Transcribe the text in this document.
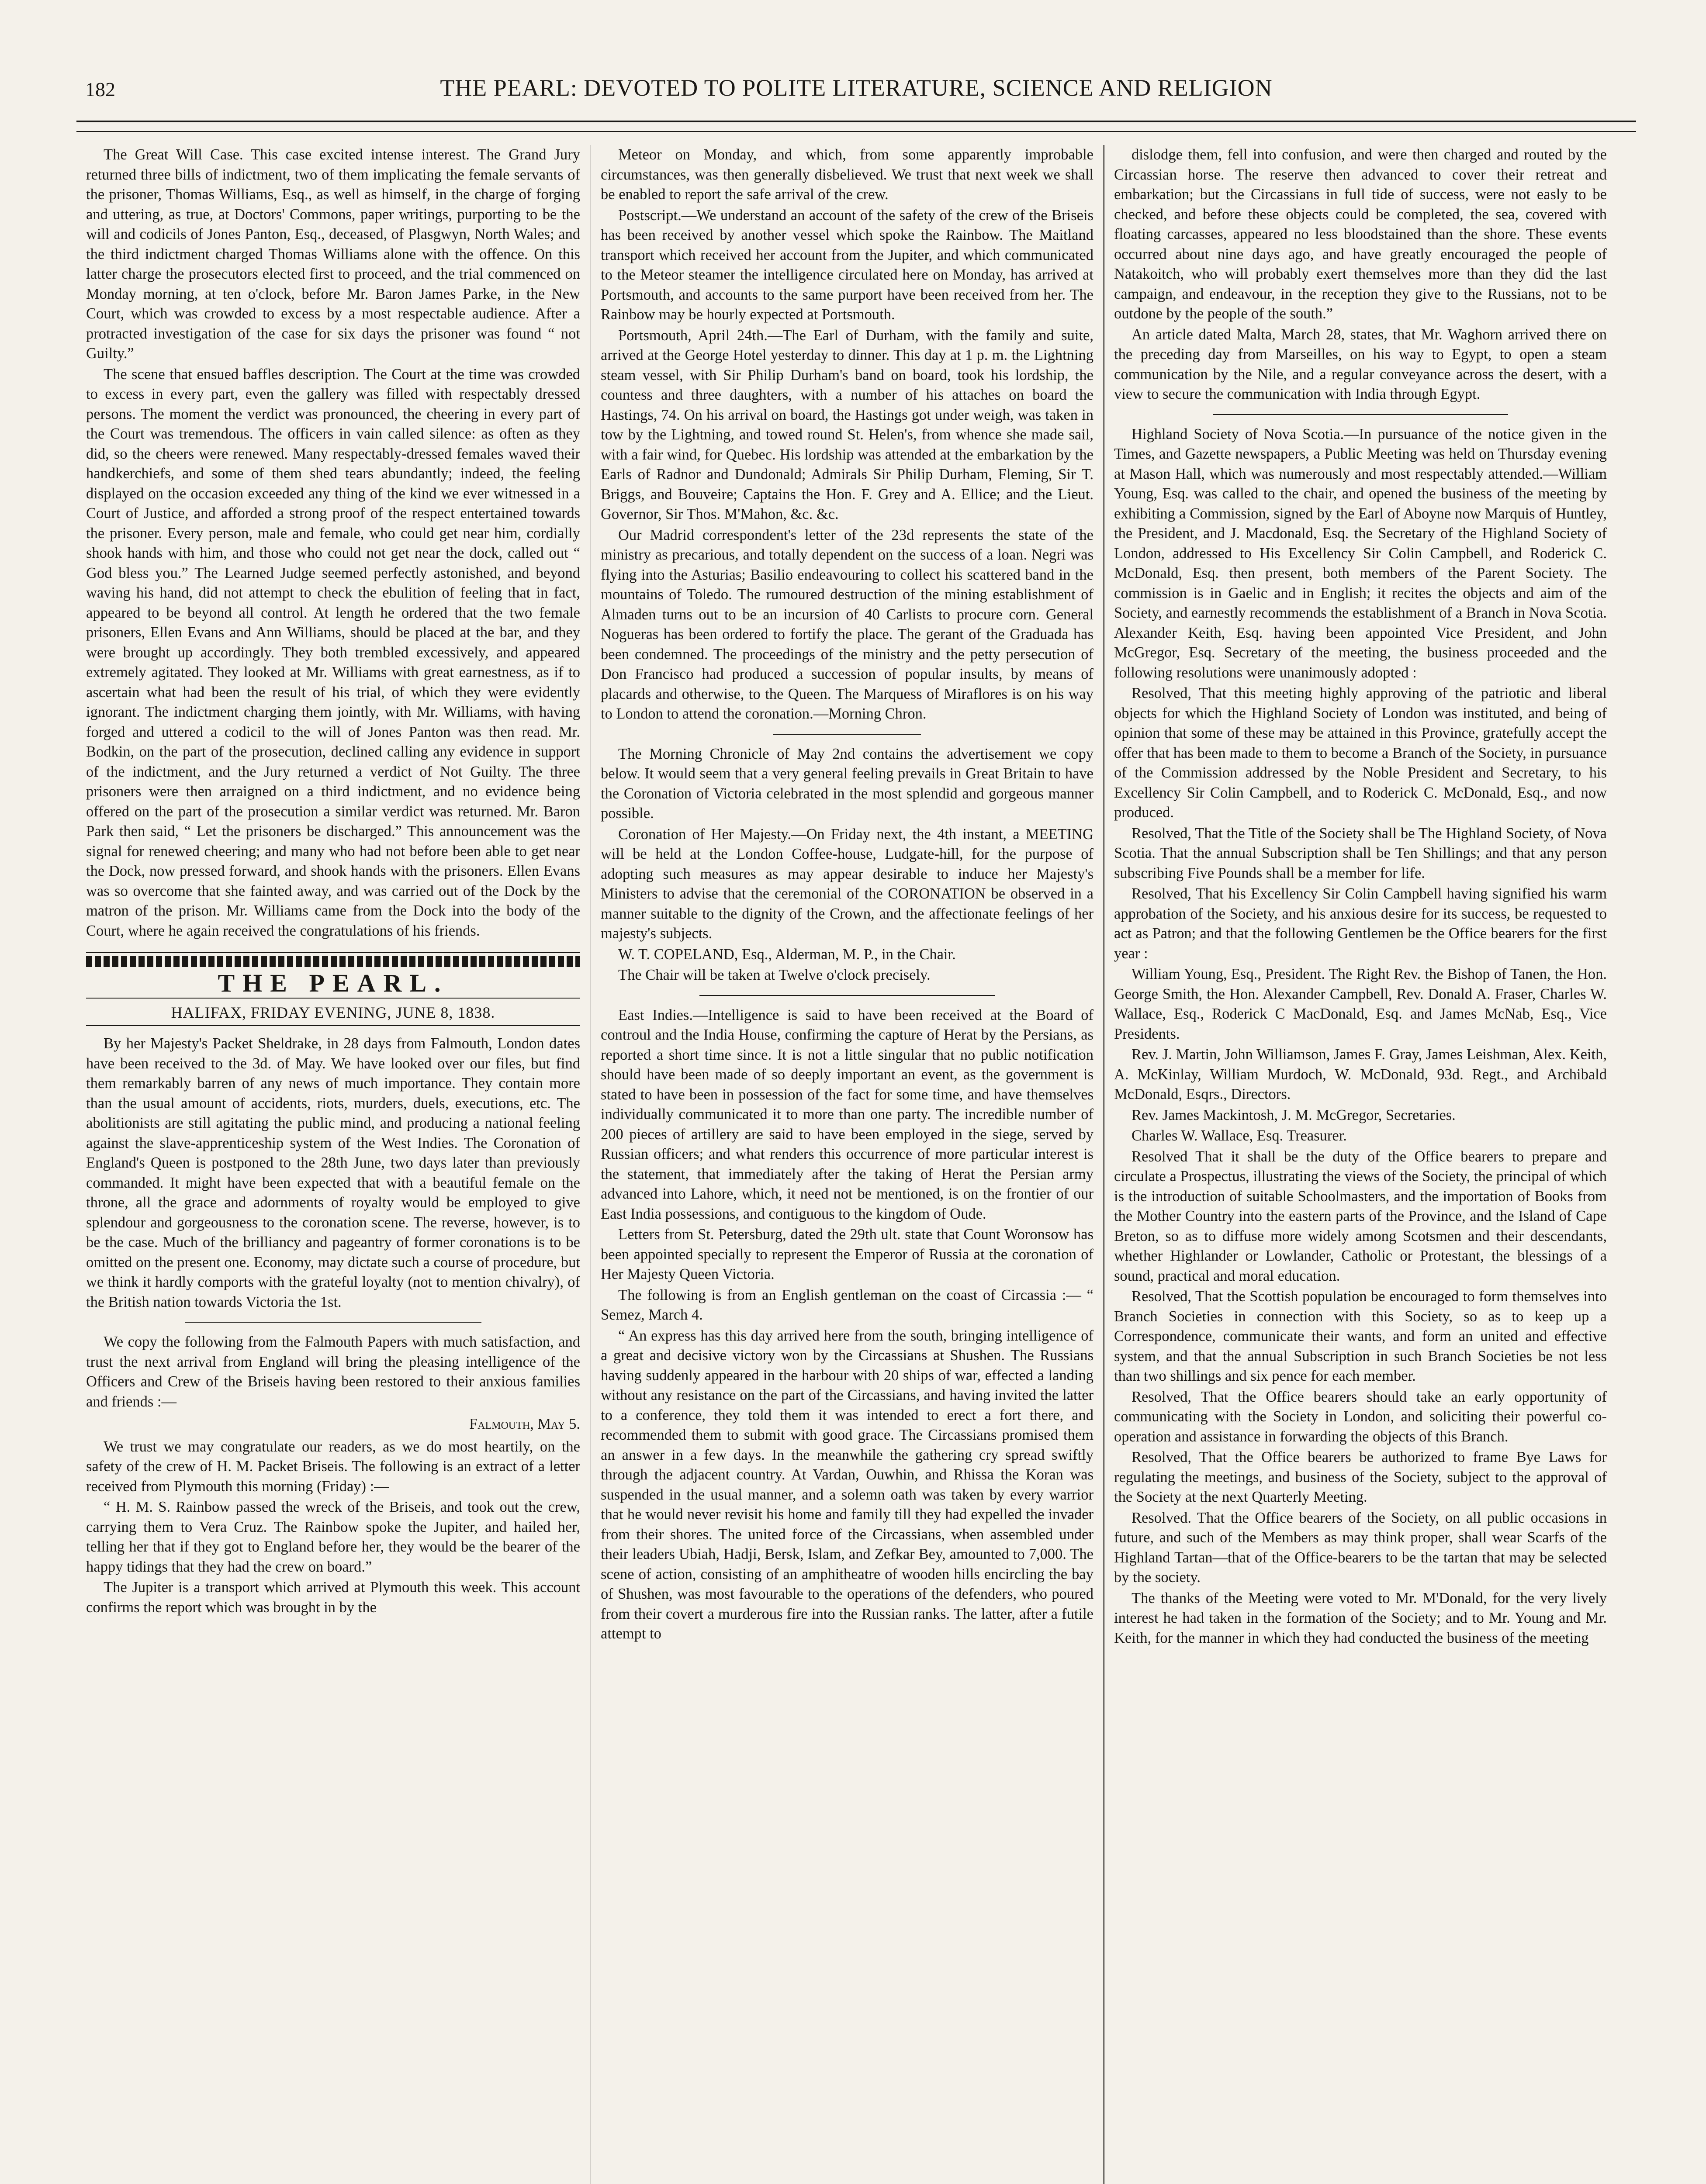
182	THE PEARL: DEVOTED TO POLITE LITERATURE, SCIENCE AND RELIGION

The Great Will Case. This case excited intense interest. The Grand Jury returned three bills of indictment, two of them implicating the female servants of the prisoner, Thomas Williams, Esq., as well as himself, in the charge of forging and uttering, as true, at Doctors' Commons, paper writings, purporting to be the will and codicils of Jones Panton, Esq., deceased, of Plasgwyn, North Wales; and the third indictment charged Thomas Williams alone with the offence. On this latter charge the prosecutors elected first to proceed, and the trial commenced on Monday morning, at ten o'clock, before Mr. Baron James Parke, in the New Court, which was crowded to excess by a most respectable audience. After a protracted investigation of the case for six days the prisoner was found “ not Guilty.”

The scene that ensued baffles description. The Court at the time was crowded to excess in every part, even the gallery was filled with respectably dressed persons. The moment the verdict was pronounced, the cheering in every part of the Court was tremendous. The officers in vain called silence: as often as they did, so the cheers were renewed. Many respectably-dressed females waved their handkerchiefs, and some of them shed tears abundantly; indeed, the feeling displayed on the occasion exceeded any thing of the kind we ever witnessed in a Court of Justice, and afforded a strong proof of the respect entertained towards the prisoner. Every person, male and female, who could get near him, cordially shook hands with him, and those who could not get near the dock, called out “ God bless you.” The Learned Judge seemed perfectly astonished, and beyond waving his hand, did not attempt to check the ebulition of feeling that in fact, appeared to be beyond all control. At length he ordered that the two female prisoners, Ellen Evans and Ann Williams, should be placed at the bar, and they were brought up accordingly. They both trembled excessively, and appeared extremely agitated. They looked at Mr. Williams with great earnestness, as if to ascertain what had been the result of his trial, of which they were evidently ignorant. The indictment charging them jointly, with Mr. Williams, with having forged and uttered a codicil to the will of Jones Panton was then read. Mr. Bodkin, on the part of the prosecution, declined calling any evidence in support of the indictment, and the Jury returned a verdict of Not Guilty. The three prisoners were then arraigned on a third indictment, and no evidence being offered on the part of the prosecution a similar verdict was returned. Mr. Baron Park then said, “ Let the prisoners be discharged.” This announcement was the signal for renewed cheering; and many who had not before been able to get near the Dock, now pressed forward, and shook hands with the prisoners. Ellen Evans was so overcome that she fainted away, and was carried out of the Dock by the matron of the prison. Mr. Williams came from the Dock into the body of the Court, where he again received the congratulations of his friends.

THE PEARL.
HALIFAX, FRIDAY EVENING, JUNE 8, 1838.

By her Majesty's Packet Sheldrake, in 28 days from Falmouth, London dates have been received to the 3d. of May. We have looked over our files, but find them remarkably barren of any news of much importance. They contain more than the usual amount of accidents, riots, murders, duels, executions, etc. The abolitionists are still agitating the public mind, and producing a national feeling against the slave-apprenticeship system of the West Indies. The Coronation of England's Queen is postponed to the 28th June, two days later than previously commanded. It might have been expected that with a beautiful female on the throne, all the grace and adornments of royalty would be employed to give splendour and gorgeousness to the coronation scene. The reverse, however, is to be the case. Much of the brilliancy and pageantry of former coronations is to be omitted on the present one. Economy, may dictate such a course of procedure, but we think it hardly comports with the grateful loyalty (not to mention chivalry), of the British nation towards Victoria the 1st.

We copy the following from the Falmouth Papers with much satisfaction, and trust the next arrival from England will bring the pleasing intelligence of the Officers and Crew of the Briseis having been restored to their anxious families and friends :—

Falmouth, May 5.

We trust we may congratulate our readers, as we do most heartily, on the safety of the crew of H. M. Packet Briseis. The following is an extract of a letter received from Plymouth this morning (Friday) :—

“ H. M. S. Rainbow passed the wreck of the Briseis, and took out the crew, carrying them to Vera Cruz. The Rainbow spoke the Jupiter, and hailed her, telling her that if they got to England before her, they would be the bearer of the happy tidings that they had the crew on board.”

The Jupiter is a transport which arrived at Plymouth this week. This account confirms the report which was brought in by the

Meteor on Monday, and which, from some apparently improbable circumstances, was then generally disbelieved. We trust that next week we shall be enabled to report the safe arrival of the crew.

Postscript.—We understand an account of the safety of the crew of the Briseis has been received by another vessel which spoke the Rainbow. The Maitland transport which received her account from the Jupiter, and which communicated to the Meteor steamer the intelligence circulated here on Monday, has arrived at Portsmouth, and accounts to the same purport have been received from her. The Rainbow may be hourly expected at Portsmouth.

Portsmouth, April 24th.—The Earl of Durham, with the family and suite, arrived at the George Hotel yesterday to dinner. This day at 1 p. m. the Lightning steam vessel, with Sir Philip Durham's band on board, took his lordship, the countess and three daughters, with a number of his attaches on board the Hastings, 74. On his arrival on board, the Hastings got under weigh, was taken in tow by the Lightning, and towed round St. Helen's, from whence she made sail, with a fair wind, for Quebec. His lordship was attended at the embarkation by the Earls of Radnor and Dundonald; Admirals Sir Philip Durham, Fleming, Sir T. Briggs, and Bouveire; Captains the Hon. F. Grey and A. Ellice; and the Lieut. Governor, Sir Thos. M'Mahon, &c. &c.

Our Madrid correspondent's letter of the 23d represents the state of the ministry as precarious, and totally dependent on the success of a loan. Negri was flying into the Asturias; Basilio endeavouring to collect his scattered band in the mountains of Toledo. The rumoured destruction of the mining establishment of Almaden turns out to be an incursion of 40 Carlists to procure corn. General Nogueras has been ordered to fortify the place. The gerant of the Graduada has been condemned. The proceedings of the ministry and the petty persecution of Don Francisco had produced a succession of popular insults, by means of placards and otherwise, to the Queen. The Marquess of Miraflores is on his way to London to attend the coronation.—Morning Chron.

The Morning Chronicle of May 2nd contains the advertisement we copy below. It would seem that a very general feeling prevails in Great Britain to have the Coronation of Victoria celebrated in the most splendid and gorgeous manner possible.

Coronation of Her Majesty.—On Friday next, the 4th instant, a MEETING will be held at the London Coffee-house, Ludgate-hill, for the purpose of adopting such measures as may appear desirable to induce her Majesty's Ministers to advise that the ceremonial of the CORONATION be observed in a manner suitable to the dignity of the Crown, and the affectionate feelings of her majesty's subjects.

W. T. COPELAND, Esq., Alderman, M. P., in the Chair.

The Chair will be taken at Twelve o'clock precisely.

East Indies.—Intelligence is said to have been received at the Board of controul and the India House, confirming the capture of Herat by the Persians, as reported a short time since. It is not a little singular that no public notification should have been made of so deeply important an event, as the government is stated to have been in possession of the fact for some time, and have themselves individually communicated it to more than one party. The incredible number of 200 pieces of artillery are said to have been employed in the siege, served by Russian officers; and what renders this occurrence of more particular interest is the statement, that immediately after the taking of Herat the Persian army advanced into Lahore, which, it need not be mentioned, is on the frontier of our East India possessions, and contiguous to the kingdom of Oude.

Letters from St. Petersburg, dated the 29th ult. state that Count Woronsow has been appointed specially to represent the Emperor of Russia at the coronation of Her Majesty Queen Victoria.

The following is from an English gentleman on the coast of Circassia :— “ Semez, March 4.

“ An express has this day arrived here from the south, bringing intelligence of a great and decisive victory won by the Circassians at Shushen. The Russians having suddenly appeared in the harbour with 20 ships of war, effected a landing without any resistance on the part of the Circassians, and having invited the latter to a conference, they told them it was intended to erect a fort there, and recommended them to submit with good grace. The Circassians promised them an answer in a few days. In the meanwhile the gathering cry spread swiftly through the adjacent country. At Vardan, Ouwhin, and Rhissa the Koran was suspended in the usual manner, and a solemn oath was taken by every warrior that he would never revisit his home and family till they had expelled the invader from their shores. The united force of the Circassians, when assembled under their leaders Ubiah, Hadji, Bersk, Islam, and Zefkar Bey, amounted to 7,000. The scene of action, consisting of an amphitheatre of wooden hills encircling the bay of Shushen, was most favourable to the operations of the defenders, who poured from their covert a murderous fire into the Russian ranks. The latter, after a futile attempt to

dislodge them, fell into confusion, and were then charged and routed by the Circassian horse. The reserve then advanced to cover their retreat and embarkation; but the Circassians in full tide of success, were not easly to be checked, and before these objects could be completed, the sea, covered with floating carcasses, appeared no less bloodstained than the shore. These events occurred about nine days ago, and have greatly encouraged the people of Natakoitch, who will probably exert themselves more than they did the last campaign, and endeavour, in the reception they give to the Russians, not to be outdone by the people of the south.”

An article dated Malta, March 28, states, that Mr. Waghorn arrived there on the preceding day from Marseilles, on his way to Egypt, to open a steam communication by the Nile, and a regular conveyance across the desert, with a view to secure the communication with India through Egypt.

Highland Society of Nova Scotia.—In pursuance of the notice given in the Times, and Gazette newspapers, a Public Meeting was held on Thursday evening at Mason Hall, which was numerously and most respectably attended.—William Young, Esq. was called to the chair, and opened the business of the meeting by exhibiting a Commission, signed by the Earl of Aboyne now Marquis of Huntley, the President, and J. Macdonald, Esq. the Secretary of the Highland Society of London, addressed to His Excellency Sir Colin Campbell, and Roderick C. McDonald, Esq. then present, both members of the Parent Society. The commission is in Gaelic and in English; it recites the objects and aim of the Society, and earnestly recommends the establishment of a Branch in Nova Scotia. Alexander Keith, Esq. having been appointed Vice President, and John McGregor, Esq. Secretary of the meeting, the business proceeded and the following resolutions were unanimously adopted :

Resolved, That this meeting highly approving of the patriotic and liberal objects for which the Highland Society of London was instituted, and being of opinion that some of these may be attained in this Province, gratefully accept the offer that has been made to them to become a Branch of the Society, in pursuance of the Commission addressed by the Noble President and Secretary, to his Excellency Sir Colin Campbell, and to Roderick C. McDonald, Esq., and now produced.

Resolved, That the Title of the Society shall be The Highland Society, of Nova Scotia. That the annual Subscription shall be Ten Shillings; and that any person subscribing Five Pounds shall be a member for life.

Resolved, That his Excellency Sir Colin Campbell having signified his warm approbation of the Society, and his anxious desire for its success, be requested to act as Patron; and that the following Gentlemen be the Office bearers for the first year :

William Young, Esq., President. The Right Rev. the Bishop of Tanen, the Hon. George Smith, the Hon. Alexander Campbell, Rev. Donald A. Fraser, Charles W. Wallace, Esq., Roderick C MacDonald, Esq. and James McNab, Esq., Vice Presidents.

Rev. J. Martin, John Williamson, James F. Gray, James Leishman, Alex. Keith, A. McKinlay, William Murdoch, W. McDonald, 93d. Regt., and Archibald McDonald, Esqrs., Directors.

Rev. James Mackintosh, J. M. McGregor, Secretaries.

Charles W. Wallace, Esq. Treasurer.

Resolved That it shall be the duty of the Office bearers to prepare and circulate a Prospectus, illustrating the views of the Society, the principal of which is the introduction of suitable Schoolmasters, and the importation of Books from the Mother Country into the eastern parts of the Province, and the Island of Cape Breton, so as to diffuse more widely among Scotsmen and their descendants, whether Highlander or Lowlander, Catholic or Protestant, the blessings of a sound, practical and moral education.

Resolved, That the Scottish population be encouraged to form themselves into Branch Societies in connection with this Society, so as to keep up a Correspondence, communicate their wants, and form an united and effective system, and that the annual Subscription in such Branch Societies be not less than two shillings and six pence for each member.

Resolved, That the Office bearers should take an early opportunity of communicating with the Society in London, and soliciting their powerful co-operation and assistance in forwarding the objects of this Branch.

Resolved, That the Office bearers be authorized to frame Bye Laws for regulating the meetings, and business of the Society, subject to the approval of the Society at the next Quarterly Meeting.

Resolved. That the Office bearers of the Society, on all public occasions in future, and such of the Members as may think proper, shall wear Scarfs of the Highland Tartan—that of the Office-bearers to be the tartan that may be selected by the society.

The thanks of the Meeting were voted to Mr. M'Donald, for the very lively interest he had taken in the formation of the Society; and to Mr. Young and Mr. Keith, for the manner in which they had conducted the business of the meeting
